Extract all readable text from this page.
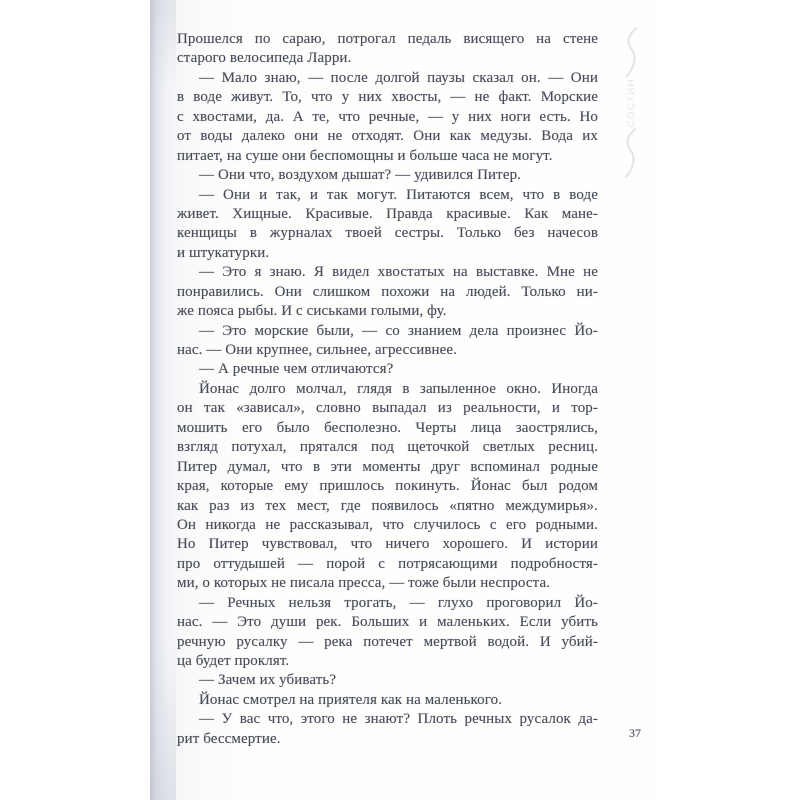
СОСТИН
Прошелся по сараю, потрогал педаль висящего на стене
старого велосипеда Ларри.
— Мало знаю, — после долгой паузы сказал он. — Они
в воде живут. То, что у них хвосты, — не факт. Морские
с хвостами, да. А те, что речные, — у них ноги есть. Но
от воды далеко они не отходят. Они как медузы. Вода их
питает, на суше они беспомощны и больше часа не могут.
— Они что, воздухом дышат? — удивился Питер.
— Они и так, и так могут. Питаются всем, что в воде
живет. Хищные. Красивые. Правда красивые. Как мане-
кенщицы в журналах твоей сестры. Только без начесов
и штукатурки.
— Это я знаю. Я видел хвостатых на выставке. Мне не
понравились. Они слишком похожи на людей. Только ни-
же пояса рыбы. И с сиськами голыми, фу.
— Это морские были, — со знанием дела произнес Йо-
нас. — Они крупнее, сильнее, агрессивнее.
— А речные чем отличаются?
Йонас долго молчал, глядя в запыленное окно. Иногда
он так «зависал», словно выпадал из реальности, и тор-
мошить его было бесполезно. Черты лица заострялись,
взгляд потухал, прятался под щеточкой светлых ресниц.
Питер думал, что в эти моменты друг вспоминал родные
края, которые ему пришлось покинуть. Йонас был родом
как раз из тех мест, где появилось «пятно междумирья».
Он никогда не рассказывал, что случилось с его родными.
Но Питер чувствовал, что ничего хорошего. И истории
про оттудышей — порой с потрясающими подробностя-
ми, о которых не писала пресса, — тоже были неспроста.
— Речных нельзя трогать, — глухо проговорил Йо-
нас. — Это души рек. Больших и маленьких. Если убить
речную русалку — река потечет мертвой водой. И убий-
ца будет проклят.
— Зачем их убивать?
Йонас смотрел на приятеля как на маленького.
— У вас что, этого не знают? Плоть речных русалок да-
рит бессмертие.	37
